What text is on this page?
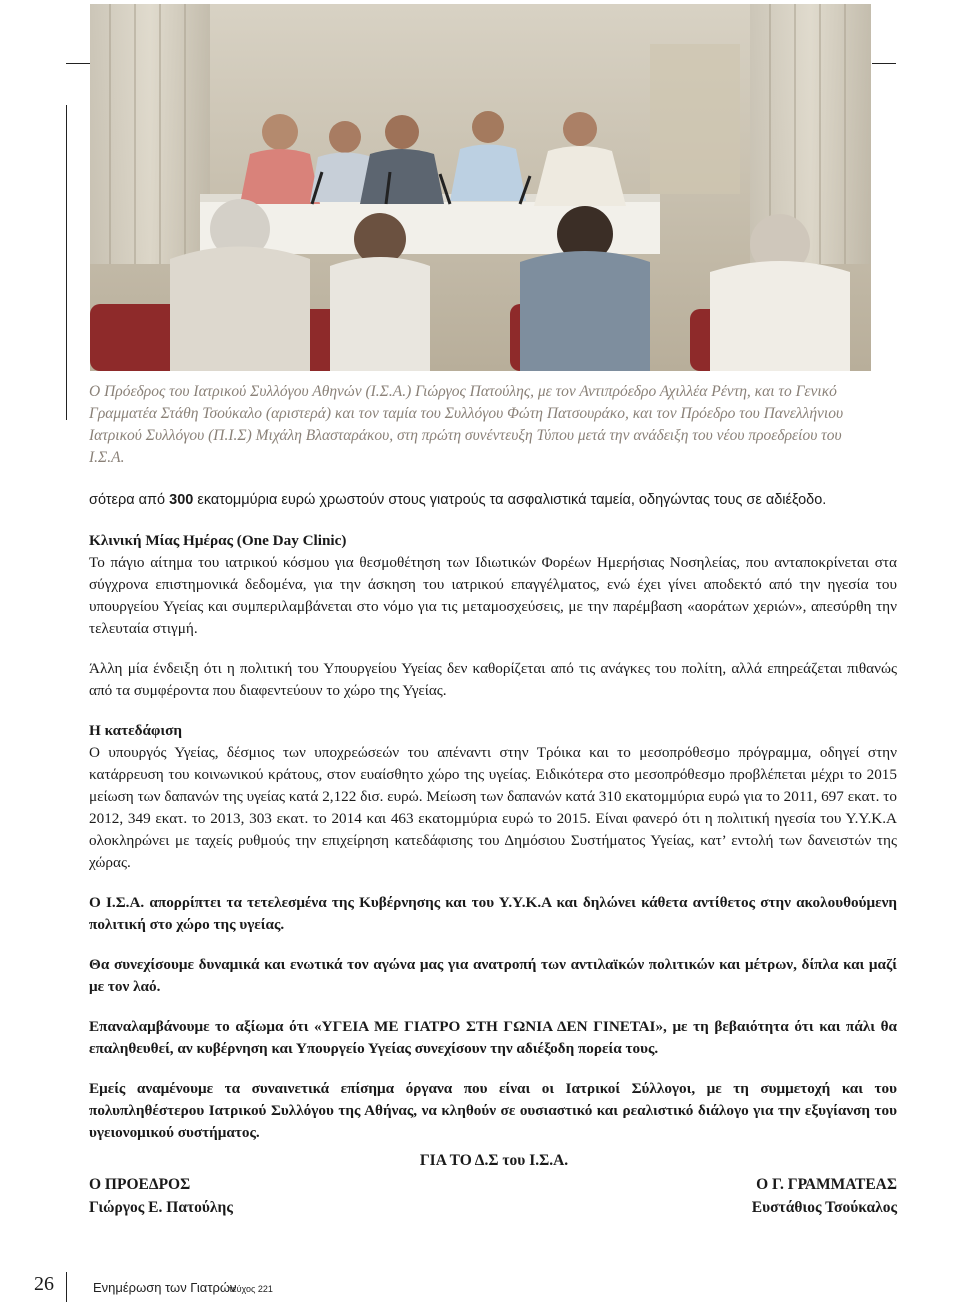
Ο Πρόεδρος του Ιατρικού Συλλόγου Αθηνών (Ι.Σ.Α.) Γιώργος Πατούλης, με τον Αντιπρόεδρο Αχιλλέα Ρέντη, και το Γενικό Γραμματέα Στάθη Τσούκαλο (αριστερά) και τον ταμία του Συλλόγου Φώτη Πατσουράκο, και τον Πρόεδρο του Πανελλήνιου Ιατρικού Συλλόγου (Π.Ι.Σ) Μιχάλη Βλασταράκου, στη πρώτη συνέντευξη Τύπου μετά την ανάδειξη του νέου προεδρείου του Ι.Σ.Α.

σότερα από 300 εκατομμύρια ευρώ χρωστούν στους γιατρούς τα ασφαλιστικά ταμεία, οδηγώντας τους σε αδιέξοδο.

Κλινική Μίας Ημέρας (One Day Clinic)
Το πάγιο αίτημα του ιατρικού κόσμου για θεσμοθέτηση των Ιδιωτικών Φορέων Ημερήσιας Νοσηλείας, που ανταποκρίνεται στα σύγχρονα επιστημονικά δεδομένα, για την άσκηση του ιατρικού επαγγέλματος, ενώ έχει γίνει αποδεκτό από την ηγεσία του υπουργείου Υγείας και συμπεριλαμβάνεται στο νόμο για τις μεταμοσχεύσεις, με την παρέμβαση «αοράτων χεριών», απεσύρθη την τελευταία στιγμή.

Άλλη μία ένδειξη ότι η πολιτική του Υπουργείου Υγείας δεν καθορίζεται από τις ανάγκες του πολίτη, αλλά επηρεάζεται πιθανώς από τα συμφέροντα που διαφεντεύουν το χώρο της Υγείας.

Η κατεδάφιση
Ο υπουργός Υγείας, δέσμιος των υποχρεώσεών του απέναντι στην Τρόικα και το μεσοπρόθεσμο πρόγραμμα, οδηγεί στην κατάρρευση του κοινωνικού κράτους, στον ευαίσθητο χώρο της υγείας. Ειδικότερα στο μεσοπρόθεσμο προβλέπεται μέχρι το 2015 μείωση των δαπανών της υγείας κατά 2,122 δισ. ευρώ. Μείωση των δαπανών κατά 310 εκατομμύρια ευρώ για το 2011, 697 εκατ. το 2012, 349 εκατ. το 2013, 303 εκατ. το 2014 και 463 εκατομμύρια ευρώ το 2015. Είναι φανερό ότι η πολιτική ηγεσία του Υ.Υ.Κ.Α ολοκληρώνει με ταχείς ρυθμούς την επιχείρηση κατεδάφισης του Δημόσιου Συστήματος Υγείας, κατ’ εντολή των δανειστών της χώρας.

Ο Ι.Σ.Α. απορρίπτει τα τετελεσμένα της Κυβέρνησης και του Υ.Υ.Κ.Α και δηλώνει κάθετα αντίθετος στην ακολουθούμενη πολιτική στο χώρο της υγείας.

Θα συνεχίσουμε δυναμικά και ενωτικά τον αγώνα μας για ανατροπή των αντιλαϊκών πολιτικών και μέτρων, δίπλα και μαζί με τον λαό.

Επαναλαμβάνουμε το αξίωμα ότι «ΥΓΕΙΑ ΜΕ ΓΙΑΤΡΟ ΣΤΗ ΓΩΝΙΑ ΔΕΝ ΓΙΝΕΤΑΙ», με τη βεβαιότητα ότι και πάλι θα επαληθευθεί, αν κυβέρνηση και Υπουργείο Υγείας συνεχίσουν την αδιέξοδη πορεία τους.

Εμείς αναμένουμε τα συναινετικά επίσημα όργανα που είναι οι Ιατρικοί Σύλλογοι, με τη συμμετοχή και του πολυπληθέστερου Ιατρικού Συλλόγου της Αθήνας, να κληθούν σε ουσιαστικό και ρεαλιστικό διάλογο για την εξυγίανση του υγειονομικού συστήματος.

ΓΙΑ ΤΟ Δ.Σ του Ι.Σ.Α.
Ο ΠΡΟΕΔΡΟΣ
Γιώργος Ε. Πατούλης
Ο Γ. ΓΡΑΜΜΑΤΕΑΣ
Ευστάθιος Τσούκαλος
26	Ενημέρωση των Γιατρών
τεύχος 221
